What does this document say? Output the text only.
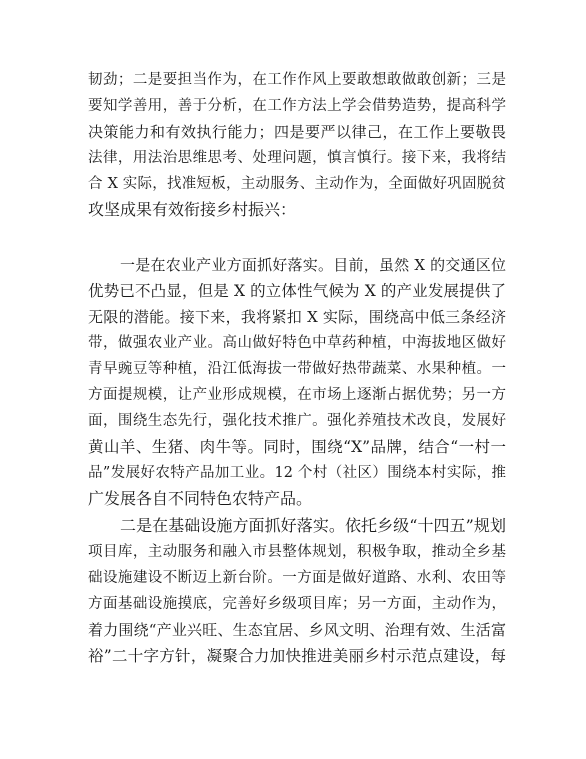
韧劲；二是要担当作为，在工作作风上要敢想敢做敢创新；三是
要知学善用，善于分析，在工作方法上学会借势造势，提高科学
决策能力和有效执行能力；四是要严以律己，在工作上要敬畏
法律，用法治思维思考、处理问题，慎言慎行。接下来，我将结
合 X 实际，找准短板，主动服务、主动作为，全面做好巩固脱贫
攻坚成果有效衔接乡村振兴：
一是在农业产业方面抓好落实。目前，虽然 X 的交通区位
优势已不凸显，但是 X 的立体性气候为 X 的产业发展提供了
无限的潜能。接下来，我将紧扣 X 实际，围绕高中低三条经济
带，做强农业产业。高山做好特色中草药种植，中海拔地区做好
青早豌豆等种植，沿江低海拔一带做好热带蔬菜、水果种植。一
方面提规模，让产业形成规模，在市场上逐渐占据优势；另一方
面，围绕生态先行，强化技术推广。强化养殖技术改良，发展好
黄山羊、生猪、肉牛等。同时，围绕“X”品牌，结合“一村一
品”发展好农特产品加工业。12 个村（社区）围绕本村实际，推
广发展各自不同特色农特产品。
二是在基础设施方面抓好落实。依托乡级“十四五”规划
项目库，主动服务和融入市县整体规划，积极争取，推动全乡基
础设施建设不断迈上新台阶。一方面是做好道路、水利、农田等
方面基础设施摸底，完善好乡级项目库；另一方面，主动作为，
着力围绕“产业兴旺、生态宜居、乡风文明、治理有效、生活富
裕”二十字方针，凝聚合力加快推进美丽乡村示范点建设，每
